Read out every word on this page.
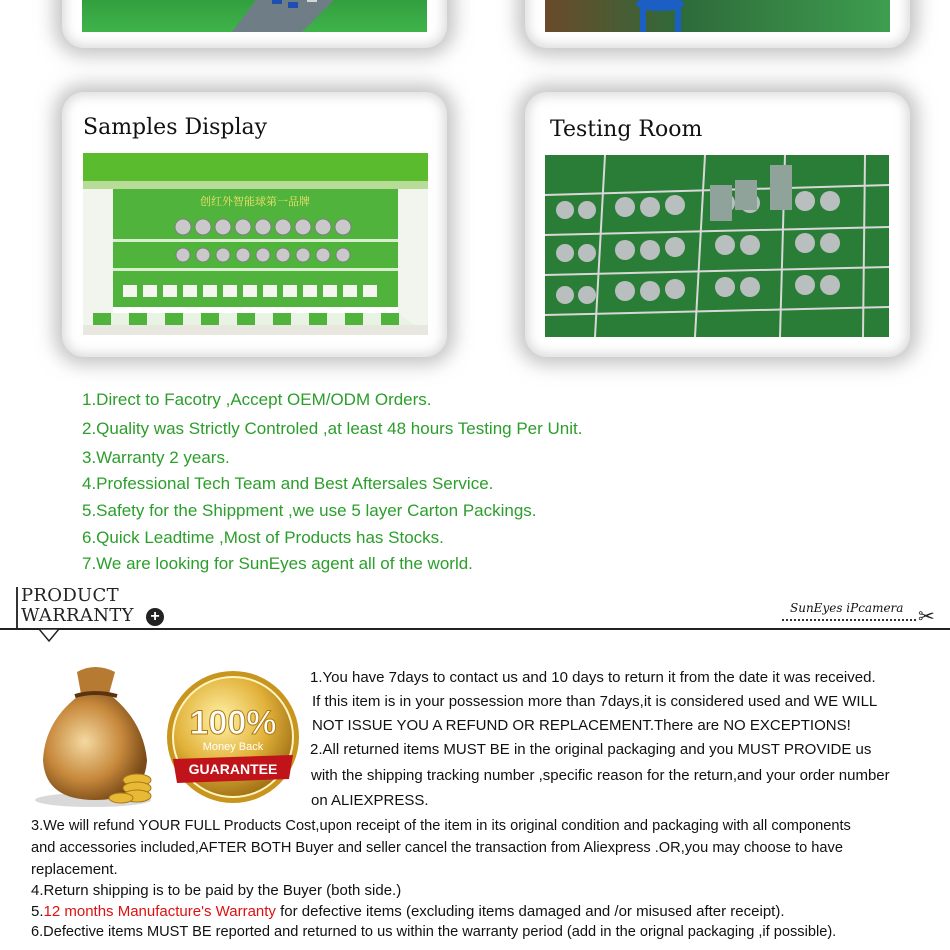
Samples Display
创红外智能球第一品牌
Testing Room
1.Direct to Facotry ,Accept OEM/ODM Orders.
2.Quality was Strictly Controled ,at least 48 hours Testing Per Unit.
3.Warranty 2 years.
4.Professional Tech Team and Best Aftersales Service.
5.Safety for the Shippment ,we use 5 layer Carton Packings.
6.Quick Leadtime ,Most of Products has Stocks.
7.We are looking for SunEyes agent all of the world.
PRODUCT
WARRANTY +	SunEyes iPcamera ✂
100%
Money Back
GUARANTEE
1.You have 7days to contact us and 10 days to return it from the date it was received.
If this item is in your possession more than 7days,it is considered used and WE WILL
NOT ISSUE YOU A REFUND OR REPLACEMENT.There are NO EXCEPTIONS!
2.All returned items MUST BE in the original packaging and you MUST PROVIDE us
with the shipping tracking number ,specific reason for the return,and your order number
on ALIEXPRESS.
3.We will refund YOUR FULL Products Cost,upon receipt of the item in its original condition and packaging with all components
and accessories included,AFTER BOTH Buyer and seller cancel the transaction from Aliexpress .OR,you may choose to have
replacement.
4.Return shipping is to be paid by the Buyer (both side.)
5.12 months Manufacture's Warranty for defective items (excluding items damaged and /or misused after receipt).
6.Defective items MUST BE reported and returned to us within the warranty period (add in the orignal packaging ,if possible).
